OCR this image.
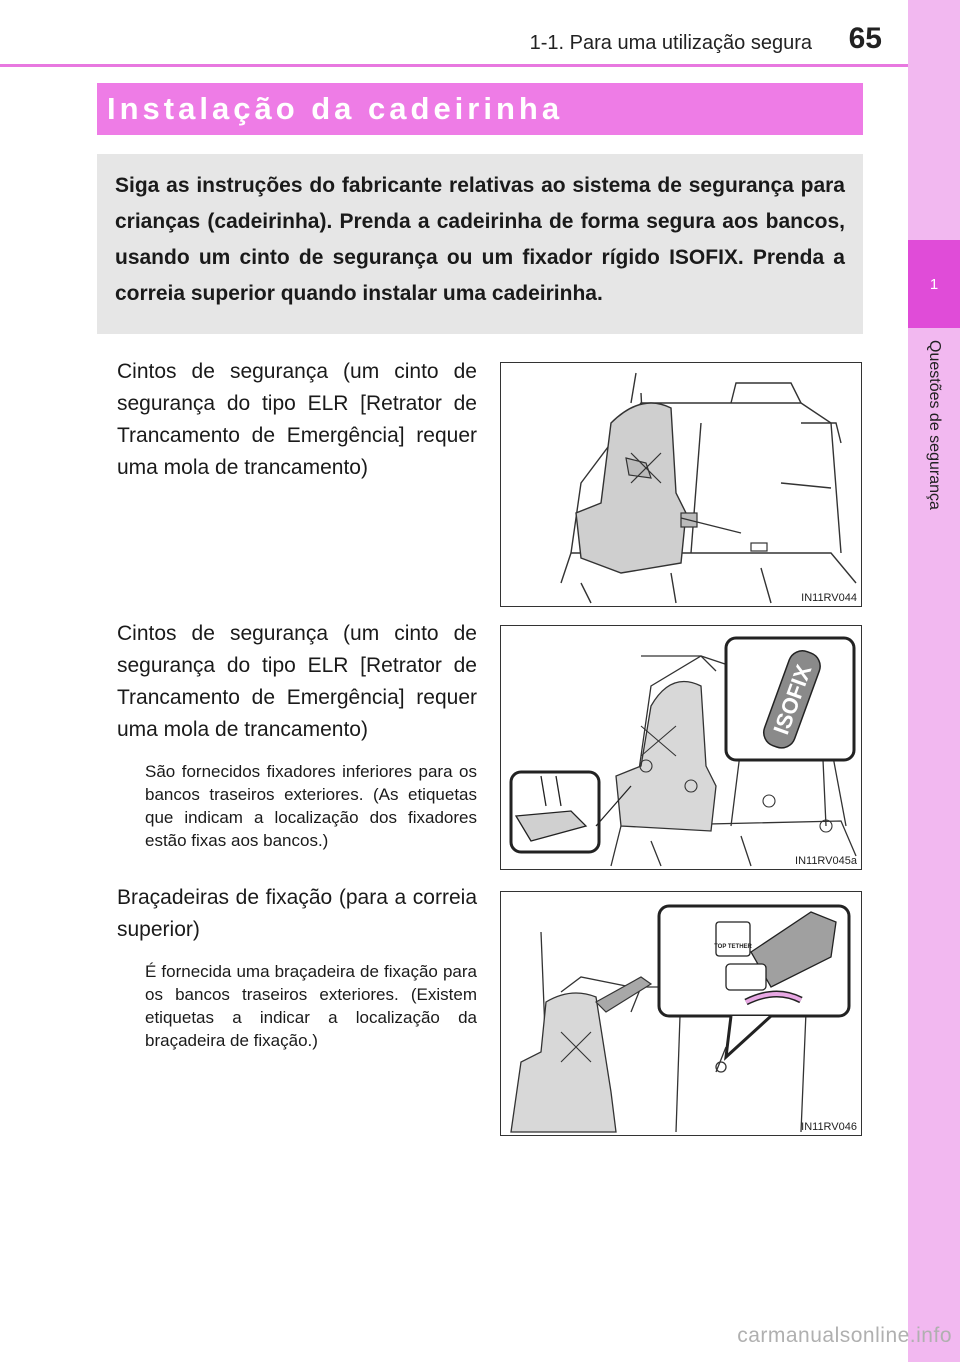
1
Questões de segurança
1-1. Para uma utilização segura 65
Instalação da cadeirinha

Siga as instruções do fabricante relativas ao sistema de segurança para crianças (cadeirinha). Prenda a cadeirinha de forma segura aos bancos, usando um cinto de segurança ou um fixador rígido ISOFIX. Prenda a correia superior quando instalar uma cadeirinha.

Cintos de segurança (um cinto de segurança do tipo ELR [Retrator de Trancamento de Emergência] requer uma mola de trancamento)

IN11RV044

Cintos de segurança (um cinto de segurança do tipo ELR [Retrator de Trancamento de Emergência] requer uma mola de trancamento)

São fornecidos fixadores inferiores para os bancos traseiros exteriores. (As etiquetas que indicam a localização dos fixadores estão fixas aos bancos.)

ISOFIX
IN11RV045a

Braçadeiras de fixação (para a correia superior)

É fornecida uma braçadeira de fixação para os bancos traseiros exteriores. (Existem etiquetas a indicar a localização da braçadeira de fixação.)

TOP TETHER
IN11RV046
carmanualsonline.info
